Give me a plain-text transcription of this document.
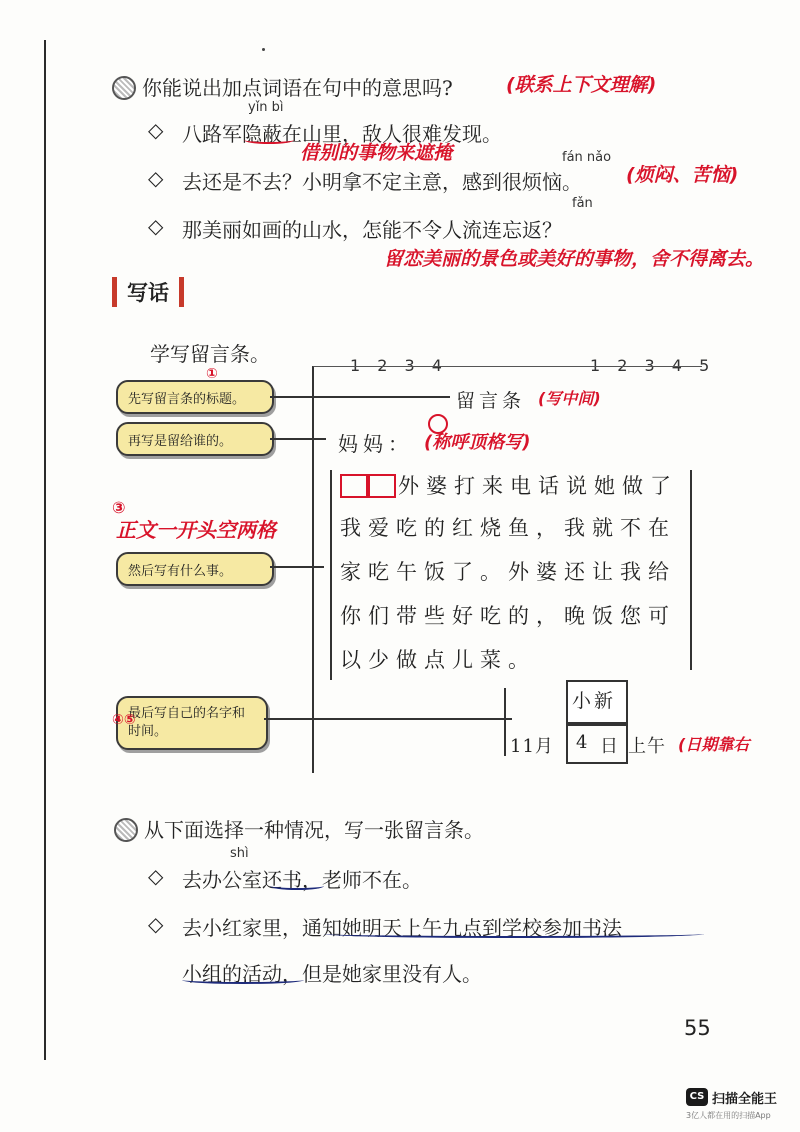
你能说出加点词语在句中的意思吗?	(联系上下文理解)
yǐn bì
◇ 八路军隐蔽在山里，敌人很难发现。
借别的事物来遮掩	fán nǎo
◇ 去还是不去？小明拿不定主意，感到很烦恼。 (烦闷、苦恼)
fǎn
◇ 那美丽如画的山水，怎能不令人流连忘返？
留恋美丽的景色或美好的事物，舍不得离去。
写话
学写留言条。
先写留言条的标题。
①
再写是留给谁的。
③
正文一开头空两格
然后写有什么事。
最后写自己的名字和时间。
④⑤
1 2 3 4	1 2 3 4 5
留言条 (写中间)
妈妈： (称呼顶格写)
外婆打来电话说她做了
我爱吃的红烧鱼，我就不在
家吃午饭了。外婆还让我给
你们带些好吃的，晚饭您可
以少做点儿菜。
小新
11月 4 日 上午 (日期靠右
从下面选择一种情况，写一张留言条。
shì
◇ 去办公室还书，老师不在。
◇ 去小红家里，通知她明天上午九点到学校参加书法
小组的活动，但是她家里没有人。
55
CS 扫描全能王
3亿人都在用的扫描App
